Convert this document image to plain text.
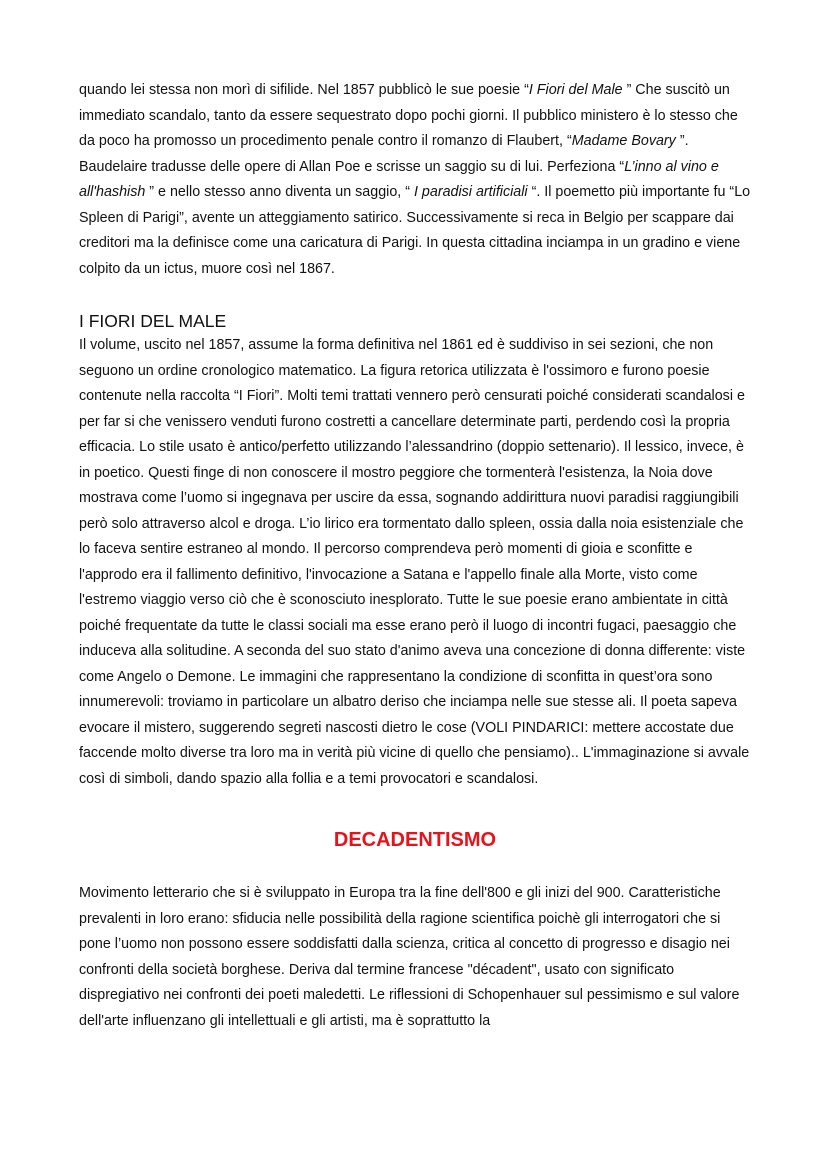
quando lei stessa non morì di sifilide. Nel 1857 pubblicò le sue poesie “I Fiori del Male ” Che suscitò un immediato scandalo, tanto da essere sequestrato dopo pochi giorni. Il pubblico ministero è lo stesso che da poco ha promosso un procedimento penale contro il romanzo di Flaubert, “Madame Bovary ”. Baudelaire tradusse delle opere di Allan Poe e scrisse un saggio su di lui. Perfeziona “L’inno al vino e all'hashish ” e nello stesso anno diventa un saggio, “ I paradisi artificiali “. Il poemetto più importante fu “Lo Spleen di Parigi”, avente un atteggiamento satirico. Successivamente si reca in Belgio per scappare dai creditori ma la definisce come una caricatura di Parigi. In questa cittadina inciampa in un gradino e viene colpito da un ictus, muore così nel 1867.

I FIORI DEL MALE

Il volume, uscito nel 1857, assume la forma definitiva nel 1861 ed è suddiviso in sei sezioni, che non seguono un ordine cronologico matematico. La figura retorica utilizzata è l'ossimoro e furono poesie contenute nella raccolta “I Fiori”. Molti temi trattati vennero però censurati poiché considerati scandalosi e per far si che venissero venduti furono costretti a cancellare determinate parti, perdendo così la propria efficacia. Lo stile usato è antico/perfetto utilizzando l’alessandrino (doppio settenario). Il lessico, invece, è in poetico. Questi finge di non conoscere il mostro peggiore che tormenterà l'esistenza, la Noia dove mostrava come l’uomo si ingegnava per uscire da essa, sognando addirittura nuovi paradisi raggiungibili però solo attraverso alcol e droga. L’io lirico era tormentato dallo spleen, ossia dalla noia esistenziale che lo faceva sentire estraneo al mondo. Il percorso comprendeva però momenti di gioia e sconfitte e l'approdo era il fallimento definitivo, l'invocazione a Satana e l'appello finale alla Morte, visto come l'estremo viaggio verso ciò che è sconosciuto inesplorato. Tutte le sue poesie erano ambientate in città poiché frequentate da tutte le classi sociali ma esse erano però il luogo di incontri fugaci, paesaggio che induceva alla solitudine. A seconda del suo stato d'animo aveva una concezione di donna differente: viste come Angelo o Demone. Le immagini che rappresentano la condizione di sconfitta in quest’ora sono innumerevoli: troviamo in particolare un albatro deriso che inciampa nelle sue stesse ali. Il poeta sapeva evocare il mistero, suggerendo segreti nascosti dietro le cose (VOLI PINDARICI: mettere accostate due faccende molto diverse tra loro ma in verità più vicine di quello che pensiamo).. L'immaginazione si avvale così di simboli, dando spazio alla follia e a temi provocatori e scandalosi.

DECADENTISMO

Movimento letterario che si è sviluppato in Europa tra la fine dell'800 e gli inizi del 900. Caratteristiche prevalenti in loro erano: sfiducia nelle possibilità della ragione scientifica poichè gli interrogatori che si pone l’uomo non possono essere soddisfatti dalla scienza, critica al concetto di progresso e disagio nei confronti della società borghese. Deriva dal termine francese "décadent", usato con significato dispregiativo nei confronti dei poeti maledetti. Le riflessioni di Schopenhauer sul pessimismo e sul valore dell'arte influenzano gli intellettuali e gli artisti, ma è soprattutto la
